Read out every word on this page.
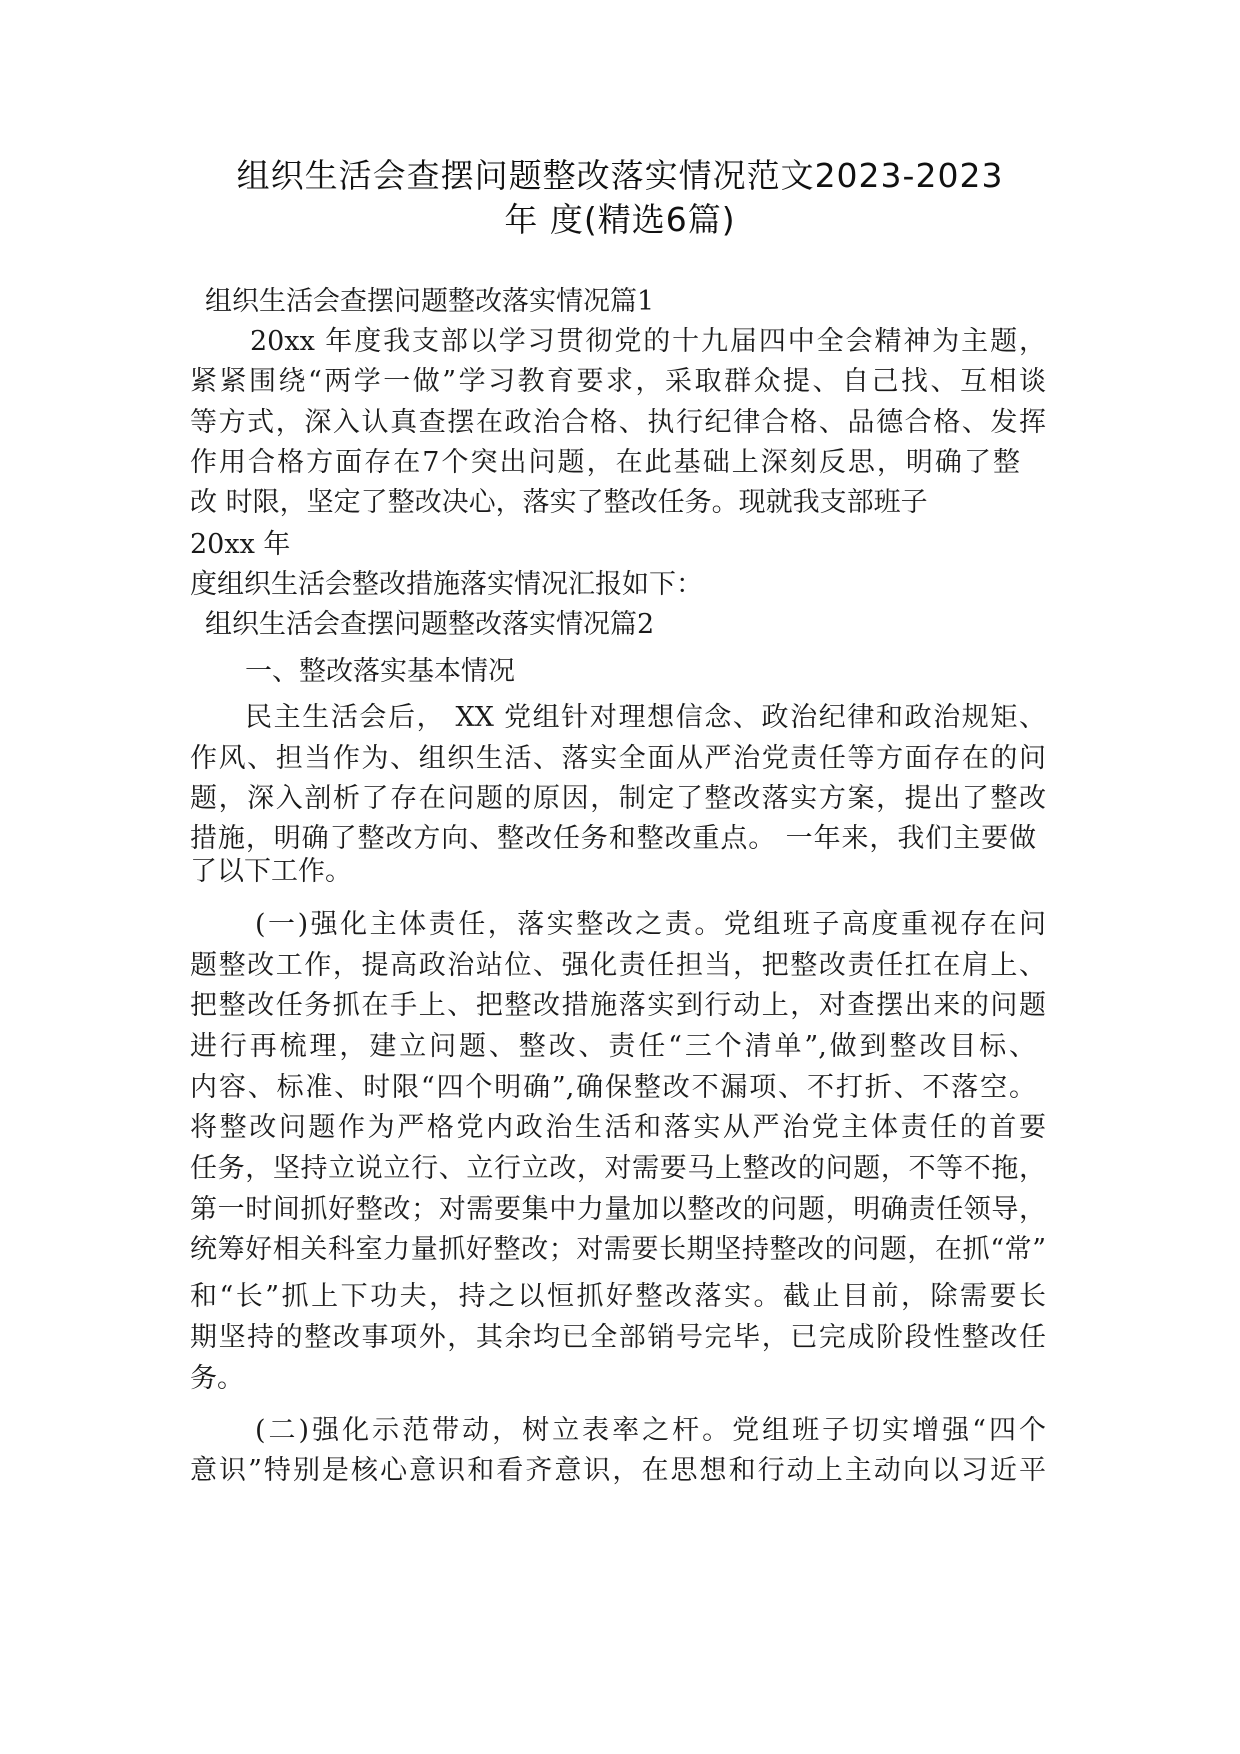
组织生活会查摆问题整改落实情况范文2023-2023
年 度(精选6篇)
组织生活会查摆问题整改落实情况篇1
20xx 年度我支部以学习贯彻党的十九届四中全会精神为主题，
紧紧围绕“两学一做”学习教育要求，采取群众提、自己找、互相谈
等方式，深入认真查摆在政治合格、执行纪律合格、品德合格、发挥
作用合格方面存在7个突出问题，在此基础上深刻反思，明确了整
改 时限，坚定了整改决心，落实了整改任务。现就我支部班子
20xx 年
度组织生活会整改措施落实情况汇报如下：
组织生活会查摆问题整改落实情况篇2
一、整改落实基本情况
民主生活会后， XX 党组针对理想信念、政治纪律和政治规矩、
作风、担当作为、组织生活、落实全面从严治党责任等方面存在的问
题，深入剖析了存在问题的原因，制定了整改落实方案，提出了整改
措施，明确了整改方向、整改任务和整改重点。 一年来，我们主要做
了以下工作。
(一)强化主体责任，落实整改之责。党组班子高度重视存在问
题整改工作，提高政治站位、强化责任担当，把整改责任扛在肩上、
把整改任务抓在手上、把整改措施落实到行动上，对查摆出来的问题
进行再梳理，建立问题、整改、责任“三个清单”,做到整改目标、
内容、标准、时限“四个明确”,确保整改不漏项、不打折、不落空。
将整改问题作为严格党内政治生活和落实从严治党主体责任的首要
任务，坚持立说立行、立行立改，对需要马上整改的问题，不等不拖，
第一时间抓好整改；对需要集中力量加以整改的问题，明确责任领导，
统筹好相关科室力量抓好整改；对需要长期坚持整改的问题，在抓“常”
和“长”抓上下功夫，持之以恒抓好整改落实。截止目前，除需要长
期坚持的整改事项外，其余均已全部销号完毕，已完成阶段性整改任
务。
(二)强化示范带动，树立表率之杆。党组班子切实增强“四个
意识”特别是核心意识和看齐意识，在思想和行动上主动向以习近平
